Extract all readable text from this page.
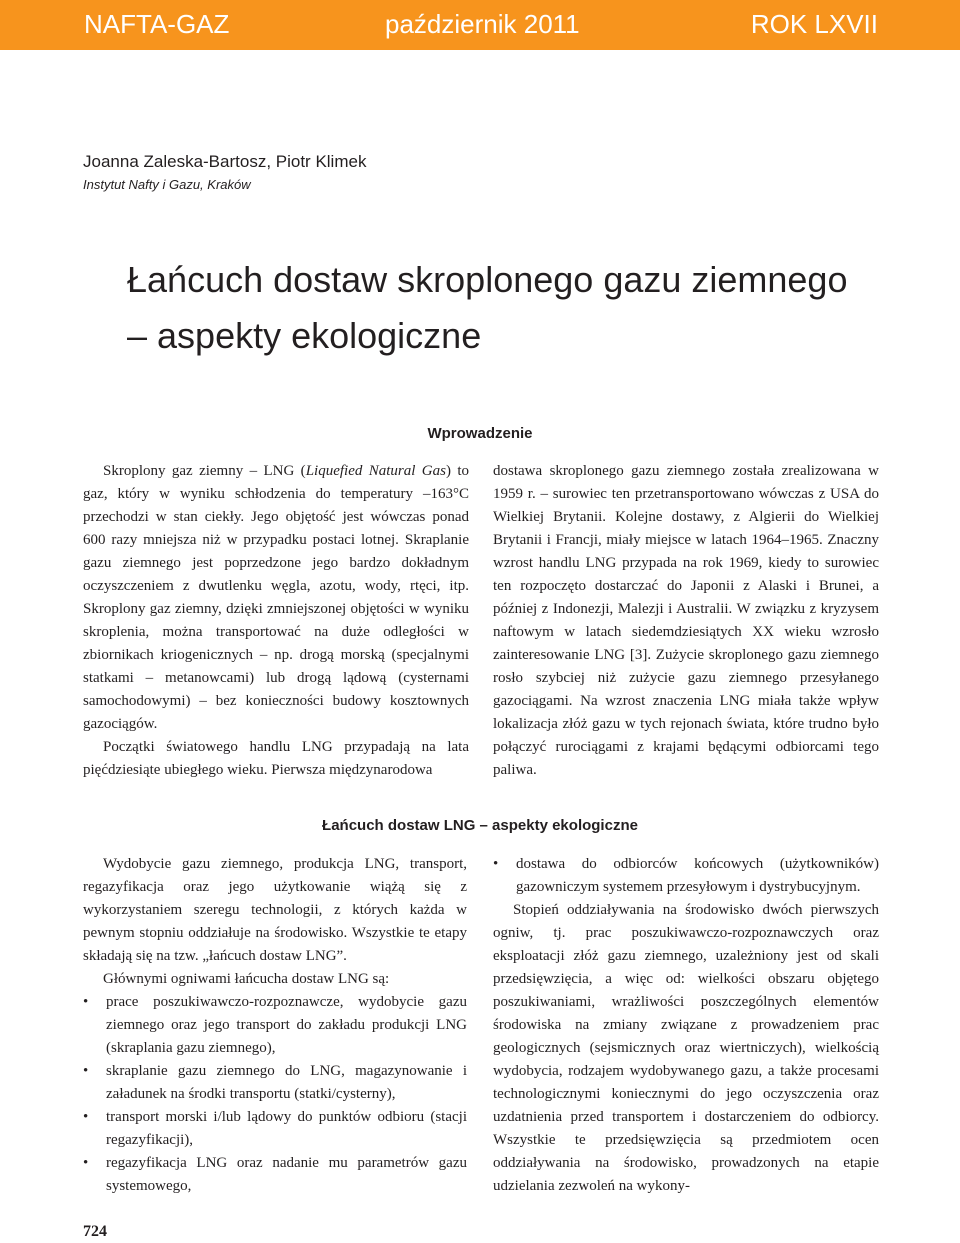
NAFTA-GAZ	październik 2011	ROK LXVII
Joanna Zaleska-Bartosz, Piotr Klimek
Instytut Nafty i Gazu, Kraków
Łańcuch dostaw skroplonego gazu ziemnego
– aspekty ekologiczne
Wprowadzenie

Skroplony gaz ziemny – LNG (Liquefied Natural Gas) to gaz, który w wyniku schłodzenia do temperatury –163°C przechodzi w stan ciekły. Jego objętość jest wówczas ponad 600 razy mniejsza niż w przypadku postaci lotnej. Skraplanie gazu ziemnego jest poprzedzone jego bardzo dokładnym oczyszczeniem z dwutlenku węgla, azotu, wody, rtęci, itp. Skroplony gaz ziemny, dzięki zmniejszonej objętości w wyniku skroplenia, można transportować na duże odległości w zbiornikach kriogenicznych – np. drogą morską (specjalnymi statkami – metanowcami) lub drogą lądową (cysternami samochodowymi) – bez konieczności budowy kosztownych gazociągów.

Początki światowego handlu LNG przypadają na lata pięćdziesiąte ubiegłego wieku. Pierwsza międzynarodowa

dostawa skroplonego gazu ziemnego została zrealizowana w 1959 r. – surowiec ten przetransportowano wówczas z USA do Wielkiej Brytanii. Kolejne dostawy, z Algierii do Wielkiej Brytanii i Francji, miały miejsce w latach 1964–1965. Znaczny wzrost handlu LNG przypada na rok 1969, kiedy to surowiec ten rozpoczęto dostarczać do Japonii z Alaski i Brunei, a później z Indonezji, Malezji i Australii. W związku z kryzysem naftowym w latach siedemdziesiątych XX wieku wzrosło zainteresowanie LNG [3]. Zużycie skroplonego gazu ziemnego rosło szybciej niż zużycie gazu ziemnego przesyłanego gazociągami. Na wzrost znaczenia LNG miała także wpływ lokalizacja złóż gazu w tych rejonach świata, które trudno było połączyć rurociągami z krajami będącymi odbiorcami tego paliwa.

Łańcuch dostaw LNG – aspekty ekologiczne

Wydobycie gazu ziemnego, produkcja LNG, transport, regazyfikacja oraz jego użytkowanie wiążą się z wykorzystaniem szeregu technologii, z których każda w pewnym stopniu oddziałuje na środowisko. Wszystkie te etapy składają się na tzw. „łańcuch dostaw LNG”.

Głównymi ogniwami łańcucha dostaw LNG są:

• prace poszukiwawczo-rozpoznawcze, wydobycie gazu ziemnego oraz jego transport do zakładu produkcji LNG (skraplania gazu ziemnego),
• skraplanie gazu ziemnego do LNG, magazynowanie i załadunek na środki transportu (statki/cysterny),
• transport morski i/lub lądowy do punktów odbioru (stacji regazyfikacji),
• regazyfikacja LNG oraz nadanie mu parametrów gazu systemowego,
• dostawa do odbiorców końcowych (użytkowników) gazowniczym systemem przesyłowym i dystrybucyjnym.

Stopień oddziaływania na środowisko dwóch pierwszych ogniw, tj. prac poszukiwawczo-rozpoznawczych oraz eksploatacji złóż gazu ziemnego, uzależniony jest od skali przedsięwzięcia, a więc od: wielkości obszaru objętego poszukiwaniami, wrażliwości poszczególnych elementów środowiska na zmiany związane z prowadzeniem prac geologicznych (sejsmicznych oraz wiertniczych), wielkością wydobycia, rodzajem wydobywanego gazu, a także procesami technologicznymi koniecznymi do jego oczyszczenia oraz uzdatnienia przed transportem i dostarczeniem do odbiorcy. Wszystkie te przedsięwzięcia są przedmiotem ocen oddziaływania na środowisko, prowadzonych na etapie udzielania zezwoleń na wykony-

724
